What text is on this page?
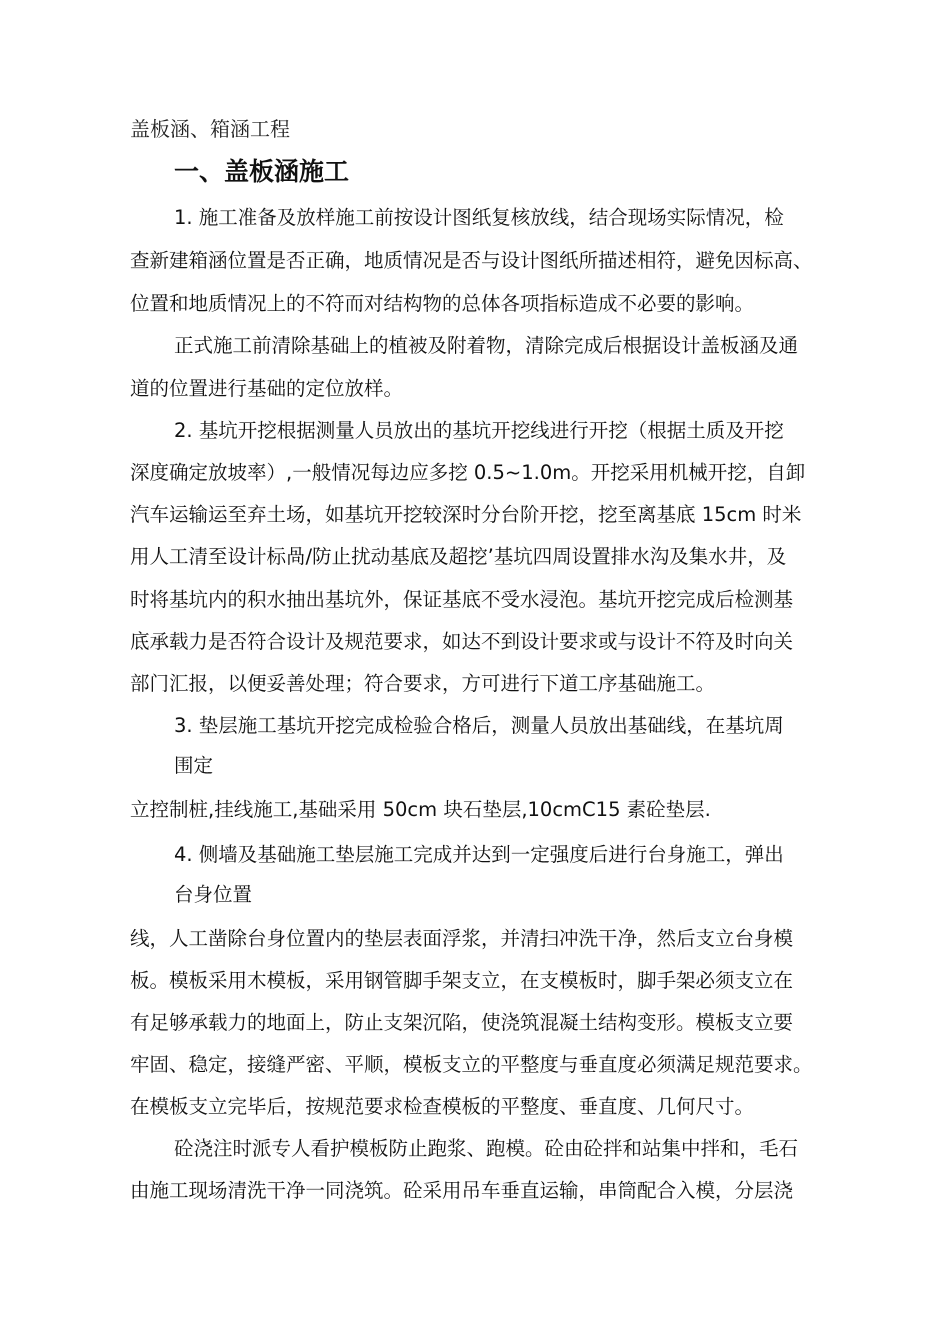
盖板涵、箱涵工程
一、盖板涵施工

1. 施工准备及放样施工前按设计图纸复核放线，结合现场实际情况，检

查新建箱涵位置是否正确，地质情况是否与设计图纸所描述相符，避免因标高、

位置和地质情况上的不符而对结构物的总体各项指标造成不必要的影响。

正式施工前清除基础上的植被及附着物，清除完成后根据设计盖板涵及通

道的位置进行基础的定位放样。

2. 基坑开挖根据测量人员放出的基坑开挖线进行开挖（根据土质及开挖

深度确定放坡率）,一般情况每边应多挖 0.5~1.0m。开挖采用机械开挖，自卸

汽车运输运至弃土场，如基坑开挖较深时分台阶开挖，挖至离基底 15cm 时米

用人工清至设计标咼/防止扰动基底及超挖’基坑四周设置排水沟及集水井，及

时将基坑内的积水抽出基坑外，保证基底不受水浸泡。基坑开挖完成后检测基

底承载力是否符合设计及规范要求，如达不到设计要求或与设计不符及时向关

部门汇报，以便妥善处理；符合要求，方可进行下道工序基础施工。

3. 垫层施工基坑开挖完成检验合格后，测量人员放出基础线，在基坑周

围定

立控制桩,挂线施工,基础采用 50cm 块石垫层,10cmC15 素砼垫层.

4. 侧墙及基础施工垫层施工完成并达到一定强度后进行台身施工，弹出

台身位置

线，人工凿除台身位置内的垫层表面浮浆，并清扫冲洗干净，然后支立台身模

板。模板采用木模板，采用钢管脚手架支立，在支模板时，脚手架必须支立在

有足够承载力的地面上，防止支架沉陷，使浇筑混凝土结构变形。模板支立要

牢固、稳定，接缝严密、平顺，模板支立的平整度与垂直度必须满足规范要求。

在模板支立完毕后，按规范要求检查模板的平整度、垂直度、几何尺寸。

砼浇注时派专人看护模板防止跑浆、跑模。砼由砼拌和站集中拌和，毛石

由施工现场清洗干净一同浇筑。砼采用吊车垂直运输，串筒配合入模，分层浇
